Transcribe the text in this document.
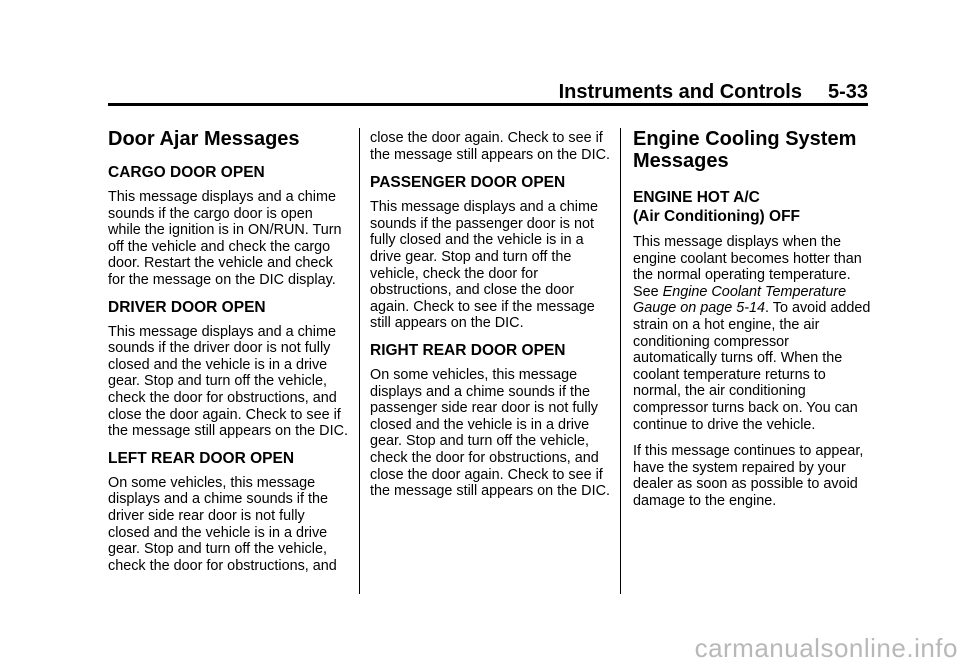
Instruments and Controls 5-33
Door Ajar Messages
CARGO DOOR OPEN

This message displays and a chime sounds if the cargo door is open while the ignition is in ON/RUN. Turn off the vehicle and check the cargo door. Restart the vehicle and check for the message on the DIC display.

DRIVER DOOR OPEN

This message displays and a chime sounds if the driver door is not fully closed and the vehicle is in a drive gear. Stop and turn off the vehicle, check the door for obstructions, and close the door again. Check to see if the message still appears on the DIC.

LEFT REAR DOOR OPEN

On some vehicles, this message displays and a chime sounds if the driver side rear door is not fully closed and the vehicle is in a drive gear. Stop and turn off the vehicle, check the door for obstructions, and

close the door again. Check to see if the message still appears on the DIC.

PASSENGER DOOR OPEN

This message displays and a chime sounds if the passenger door is not fully closed and the vehicle is in a drive gear. Stop and turn off the vehicle, check the door for obstructions, and close the door again. Check to see if the message still appears on the DIC.

RIGHT REAR DOOR OPEN

On some vehicles, this message displays and a chime sounds if the passenger side rear door is not fully closed and the vehicle is in a drive gear. Stop and turn off the vehicle, check the door for obstructions, and close the door again. Check to see if the message still appears on the DIC.

Engine Cooling System
Messages
ENGINE HOT A/C
(Air Conditioning) OFF

This message displays when the engine coolant becomes hotter than the normal operating temperature. See Engine Coolant Temperature Gauge on page 5-14. To avoid added strain on a hot engine, the air conditioning compressor automatically turns off. When the coolant temperature returns to normal, the air conditioning compressor turns back on. You can continue to drive the vehicle.

If this message continues to appear, have the system repaired by your dealer as soon as possible to avoid damage to the engine.

carmanualsonline.info
